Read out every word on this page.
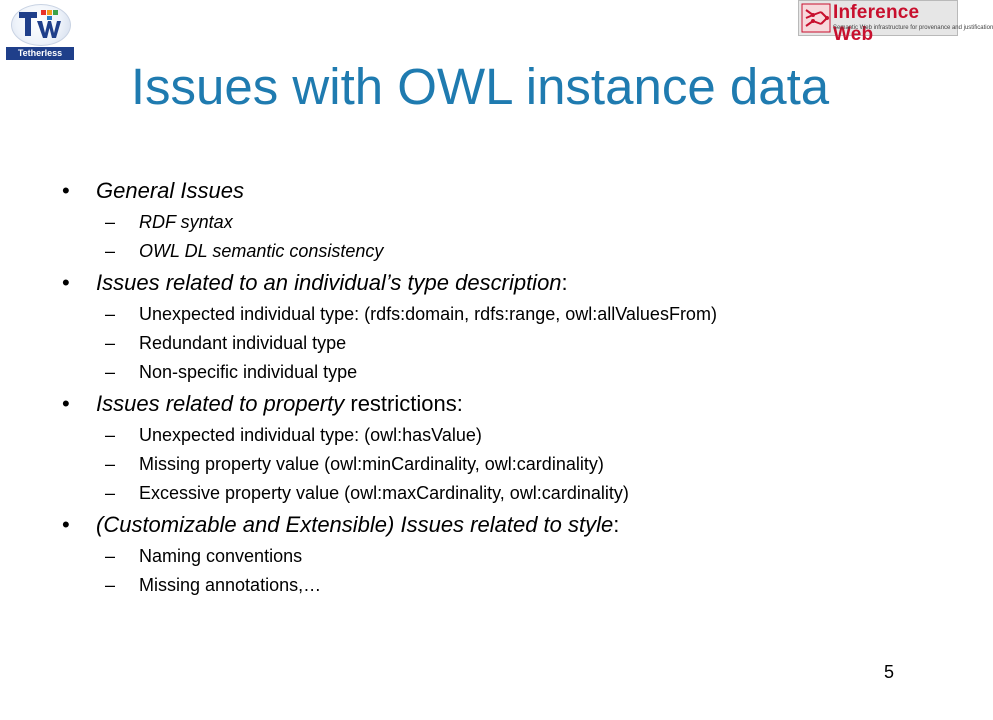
Tetherless World
Inference Web
Semantic Web infrastructure for provenance and justification
Issues with OWL instance data
• General Issues
– RDF syntax
– OWL DL semantic consistency
• Issues related to an individual’s type description:
– Unexpected individual type: (rdfs:domain, rdfs:range, owl:allValuesFrom)
– Redundant individual type
– Non-specific individual type
• Issues related to property restrictions:
– Unexpected individual type: (owl:hasValue)
– Missing property value (owl:minCardinality, owl:cardinality)
– Excessive property value (owl:maxCardinality, owl:cardinality)
• (Customizable and Extensible) Issues related to style:
– Naming conventions
– Missing annotations,…
5
